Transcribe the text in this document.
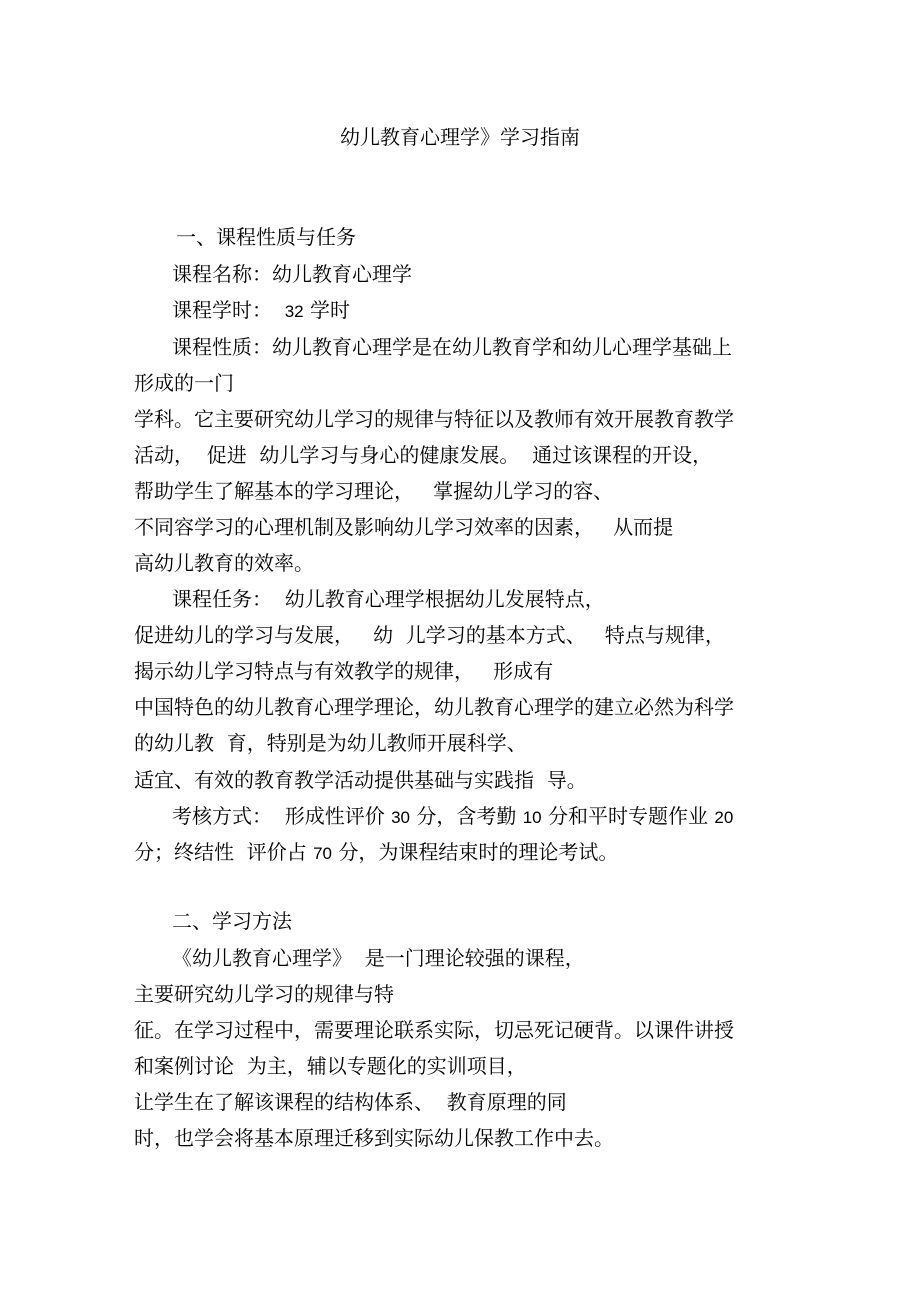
幼儿教育心理学》学习指南
一、课程性质与任务
课程名称：幼儿教育心理学
课程学时： 32 学时
课程性质：幼儿教育心理学是在幼儿教育学和幼儿心理学基础上
形成的一门
学科。它主要研究幼儿学习的规律与特征以及教师有效开展教育教学
活动，  促进  幼儿学习与身心的健康发展。  通过该课程的开设，
帮助学生了解基本的学习理论，   掌握幼儿学习的容、
不同容学习的心理机制及影响幼儿学习效率的因素，   从而提
高幼儿教育的效率。
课程任务：  幼儿教育心理学根据幼儿发展特点，
促进幼儿的学习与发展，   幼  儿学习的基本方式、   特点与规律，
揭示幼儿学习特点与有效教学的规律，   形成有
中国特色的幼儿教育心理学理论，幼儿教育心理学的建立必然为科学
的幼儿教  育，特别是为幼儿教师开展科学、
适宜、有效的教育教学活动提供基础与实践指  导。
考核方式： 形成性评价 30 分，含考勤 10 分和平时专题作业 20
分；终结性  评价占 70 分，为课程结束时的理论考试。
二、学习方法
《幼儿教育心理学》  是一门理论较强的课程，
主要研究幼儿学习的规律与特
征。在学习过程中，需要理论联系实际，切忌死记硬背。以课件讲授
和案例讨论  为主，辅以专题化的实训项目，
让学生在了解该课程的结构体系、  教育原理的同
时，也学会将基本原理迁移到实际幼儿保教工作中去。
